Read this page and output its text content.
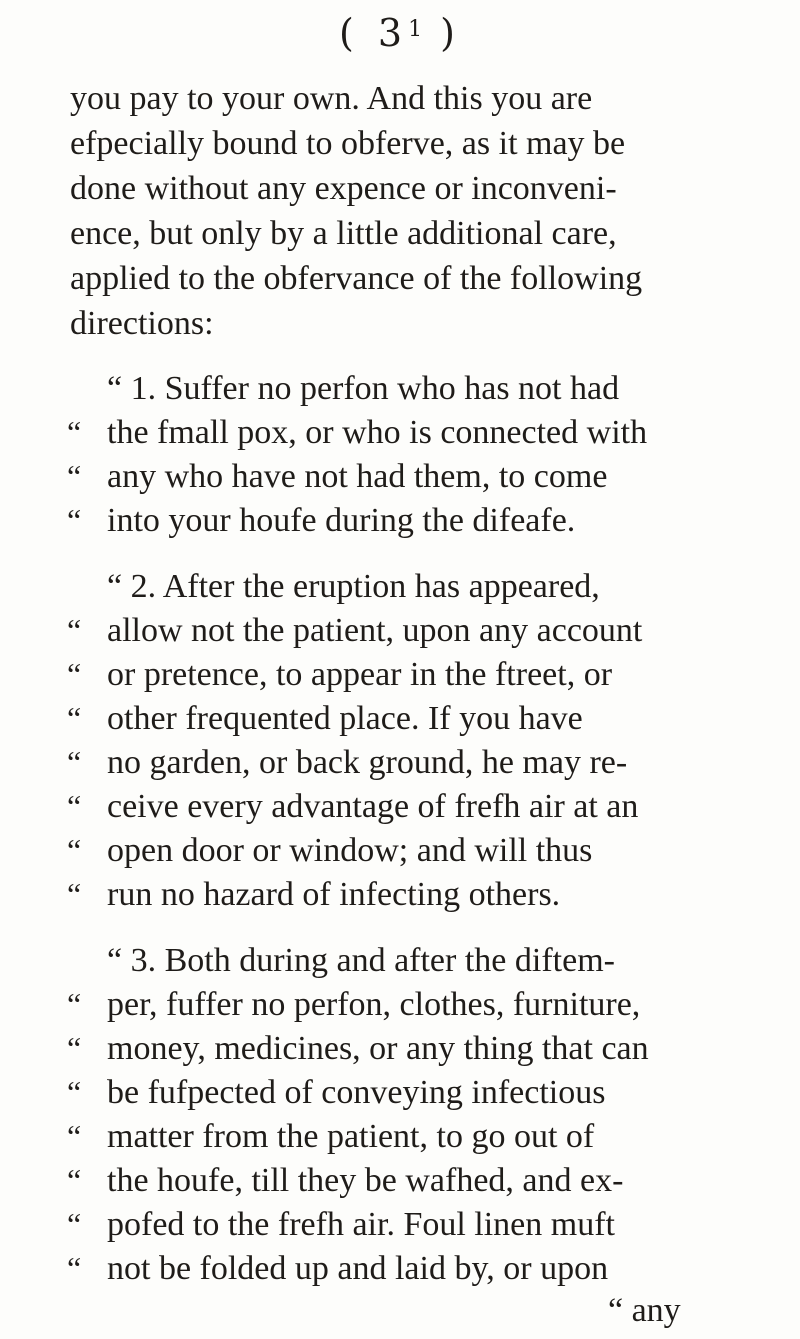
( $3^1$ )
you pay to your own. And this you are
efpecially bound to obferve, as it may be
done without any expence or inconveni-
ence, but only by a little additional care,
applied to the obfervance of the following
directions:
“ 1. Suffer no perfon who has not had
“ the fmall pox, or who is connected with
“ any who have not had them, to come
“ into your houfe during the difeafe.
“ 2. After the eruption has appeared,
“ allow not the patient, upon any account
“ or pretence, to appear in the ftreet, or
“ other frequented place. If you have
“ no garden, or back ground, he may re-
“ ceive every advantage of frefh air at an
“ open door or window; and will thus
“ run no hazard of infecting others.
“ 3. Both during and after the diftem-
“ per, fuffer no perfon, clothes, furniture,
“ money, medicines, or any thing that can
“ be fufpected of conveying infectious
“ matter from the patient, to go out of
“ the houfe, till they be wafhed, and ex-
“ pofed to the frefh air. Foul linen muft
“ not be folded up and laid by, or upon
“ any
